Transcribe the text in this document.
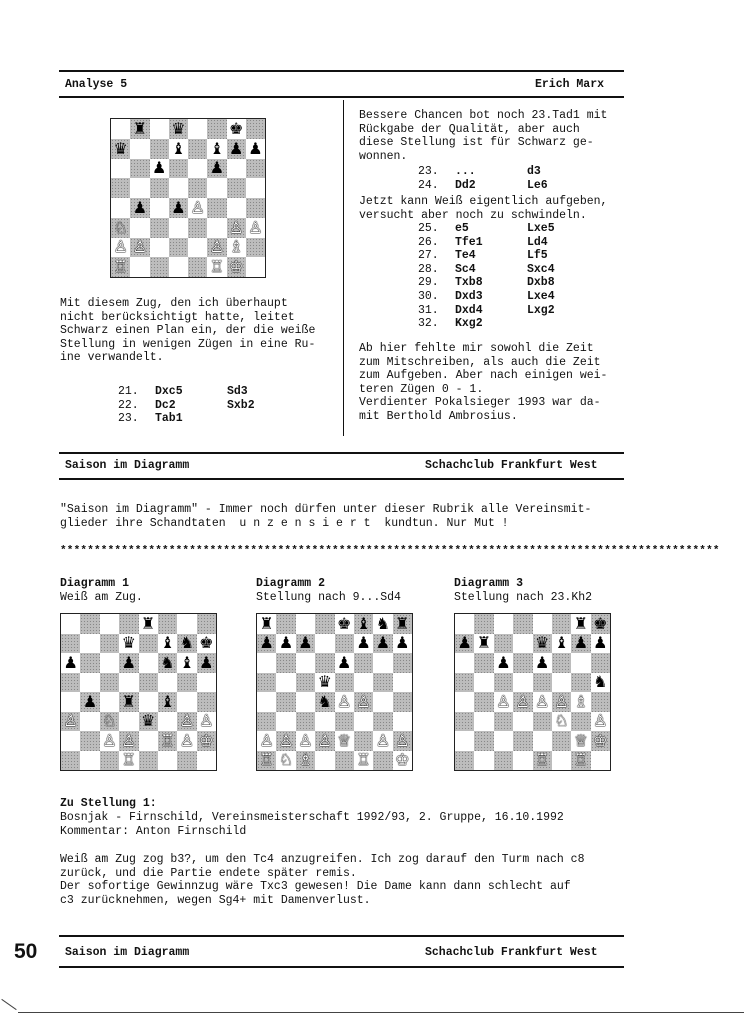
Analyse 5	Erich Marx
♜ ♛	♚
♛	♝ ♝ ♟ ♟
♟	♟
♟ ♟ ♙
♘	♙ ♙
♙ ♙	♙ ♗
♖	♖ ♔
Mit diesem Zug, den ich überhaupt
nicht berücksichtigt hatte, leitet
Schwarz einen Plan ein, der die weiße
Stellung in wenigen Zügen in eine Ru-
ine verwandelt.
21. Dxc5	Sd3
22. Dc2	Sxb2
23. Tab1
Bessere Chancen bot noch 23.Tad1 mit
Rückgabe der Qualität, aber auch
diese Stellung ist für Schwarz ge-
wonnen.
23. ...	d3
24. Dd2	Le6
Jetzt kann Weiß eigentlich aufgeben,
versucht aber noch zu schwindeln.
25. e5	Lxe5
26. Tfe1	Ld4
27. Te4	Lf5
28. Sc4	Sxc4
29. Txb8	Dxb8
30. Dxd3	Lxe4
31. Dxd4	Lxg2
32. Kxg2
Ab hier fehlte mir sowohl die Zeit
zum Mitschreiben, als auch die Zeit
zum Aufgeben. Aber nach einigen wei-
teren Zügen 0 - 1.
Verdienter Pokalsieger 1993 war da-
mit Berthold Ambrosius.
Saison im Diagramm	Schachclub Frankfurt West
"Saison im Diagramm" - Immer noch dürfen unter dieser Rubrik alle Vereinsmit-
glieder ihre Schandtaten  u n z e n s i e r t  kundtun. Nur Mut !
*************************************************************************************************
Diagramm 1
Weiß am Zug.
♜
♛ ♝ ♞ ♚
♟	♟ ♞ ♝ ♟
♟ ♜ ♝
♙ ♘ ♛ ♙ ♙
♙ ♙ ♖ ♙ ♔
♖
Diagramm 2
Stellung nach 9...Sd4
♜	♚ ♝ ♞ ♜
♟ ♟ ♟	♟ ♟ ♟
♟
♛
♞ ♙ ♙
♙ ♙ ♙ ♙ ♕ ♙ ♙
♖ ♘ ♗	♖ ♔
Diagramm 3
Stellung nach 23.Kh2
♜ ♚
♟ ♜	♛ ♝ ♟ ♟
♟ ♟
♞
♙ ♙ ♙ ♙ ♗
♘ ♙
♕ ♔
♖ ♖
Zu Stellung 1:
Bosnjak - Firnschild, Vereinsmeisterschaft 1992/93, 2. Gruppe, 16.10.1992
Kommentar: Anton Firnschild
Weiß am Zug zog b3?, um den Tc4 anzugreifen. Ich zog darauf den Turm nach c8
zurück, und die Partie endete später remis.
Der sofortige Gewinnzug wäre Txc3 gewesen! Die Dame kann dann schlecht auf
c3 zurücknehmen, wegen Sg4+ mit Damenverlust.
50 Saison im Diagramm	Schachclub Frankfurt West
